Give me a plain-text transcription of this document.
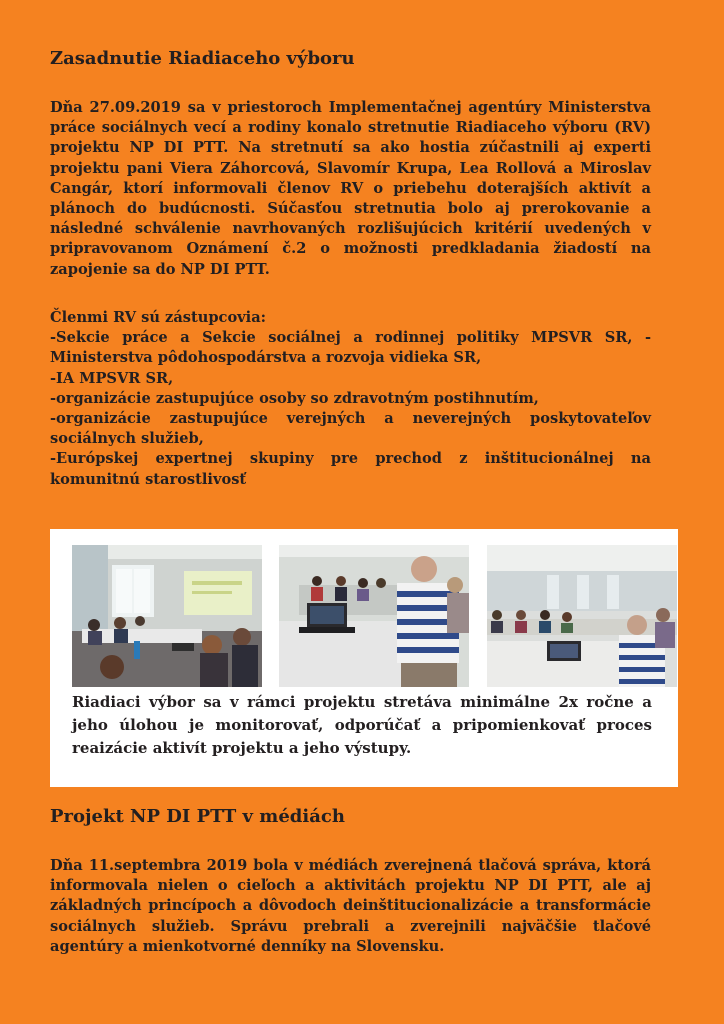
Zasadnutie Riadiaceho výboru

Dňa 27.09.2019 sa v priestoroch Implementačnej agentúry Ministerstva práce sociálnych vecí a rodiny konalo stretnutie Riadiaceho výboru (RV) projektu NP DI PTT. Na stretnutí sa ako hostia zúčastnili aj experti projektu pani Viera Záhorcová, Slavomír Krupa, Lea Rollová a Miroslav Cangár, ktorí informovali členov RV o priebehu doterajších aktivít a plánoch do budúcnosti. Súčasťou stretnutia bolo aj prerokovanie a následné schválenie navrhovaných rozlišujúcich kritérií uvedených v pripravovanom Oznámení č.2 o možnosti predkladania žiadostí na zapojenie sa do NP DI PTT.

Členmi RV sú zástupcovia:
-Sekcie práce a Sekcie sociálnej a rodinnej politiky MPSVR SR, - Ministerstva pôdohospodárstva a rozvoja vidieka SR,
-IA MPSVR SR,
-organizácie zastupujúce osoby so zdravotným postihnutím,
-organizácie zastupujúce verejných a neverejných poskytovateľov sociálnych služieb,
-Európskej expertnej skupiny pre prechod z inštitucionálnej na komunitnú starostlivosť

Riadiaci výbor sa v rámci projektu stretáva minimálne 2x ročne a jeho úlohou je monitorovať, odporúčať a pripomienkovať proces reaizácie aktivít projektu a jeho výstupy.

Projekt NP DI PTT v médiách

Dňa 11.septembra 2019 bola v médiách zverejnená tlačová správa, ktorá informovala nielen o cieľoch a aktivitách projektu NP DI PTT, ale aj základných princípoch a dôvodoch deinštitucionalizácie a transformácie sociálnych služieb. Správu prebrali a zverejnili najväčšie tlačové agentúry a mienkotvorné denníky na Slovensku.
